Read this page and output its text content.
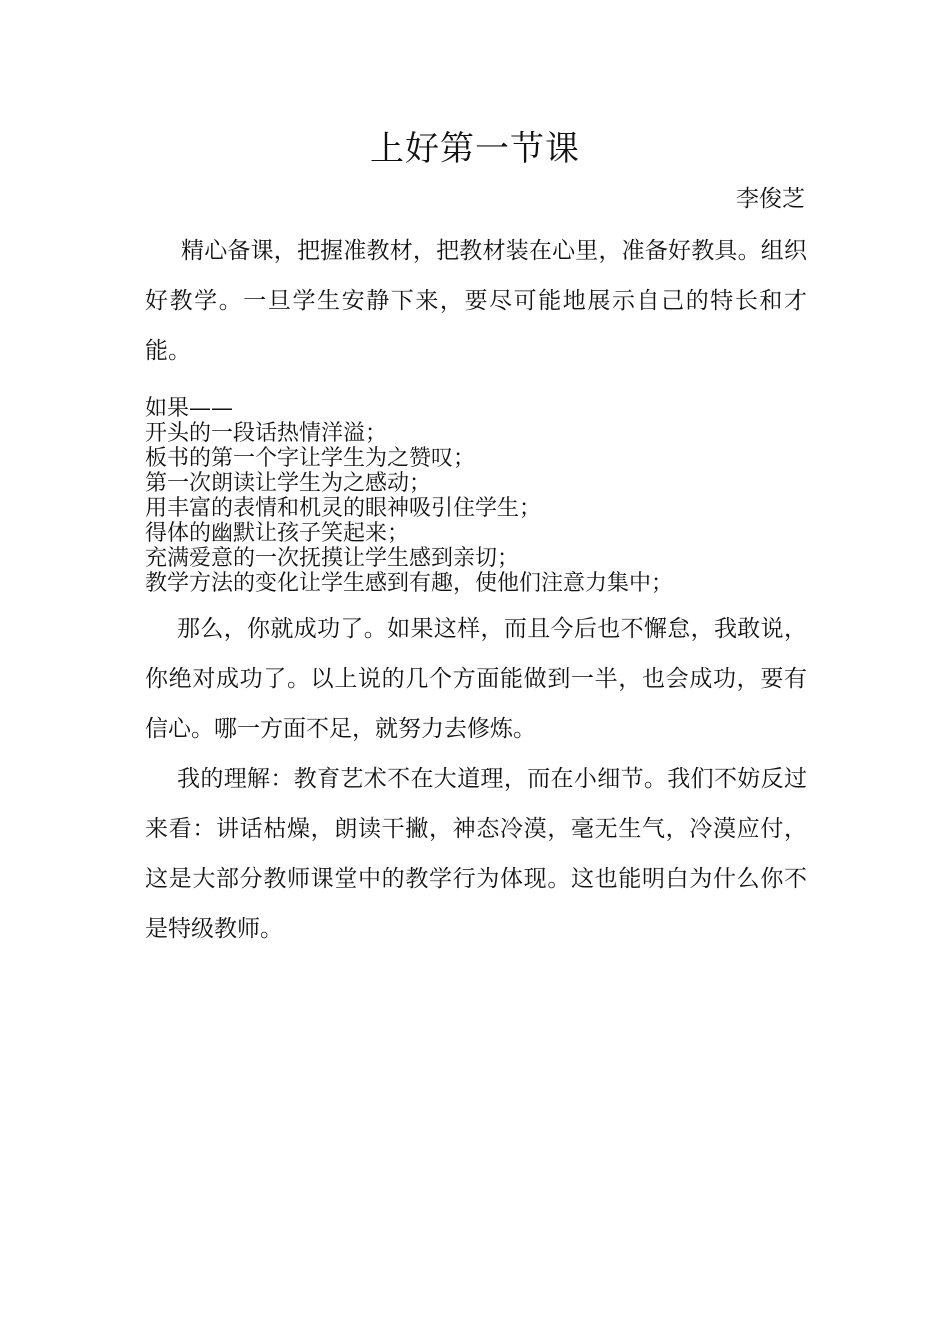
上好第一节课
李俊芝

精心备课，把握准教材，把教材装在心里，准备好教具。组织好教学。一旦学生安静下来，要尽可能地展示自己的特长和才能。

如果——
开头的一段话热情洋溢；
板书的第一个字让学生为之赞叹；
第一次朗读让学生为之感动；
用丰富的表情和机灵的眼神吸引住学生；
得体的幽默让孩子笑起来；
充满爱意的一次抚摸让学生感到亲切；
教学方法的变化让学生感到有趣，使他们注意力集中；

那么，你就成功了。如果这样，而且今后也不懈怠，我敢说，你绝对成功了。以上说的几个方面能做到一半，也会成功，要有信心。哪一方面不足，就努力去修炼。

我的理解：教育艺术不在大道理，而在小细节。我们不妨反过来看：讲话枯燥，朗读干撇，神态冷漠，毫无生气，冷漠应付，这是大部分教师课堂中的教学行为体现。这也能明白为什么你不是特级教师。
